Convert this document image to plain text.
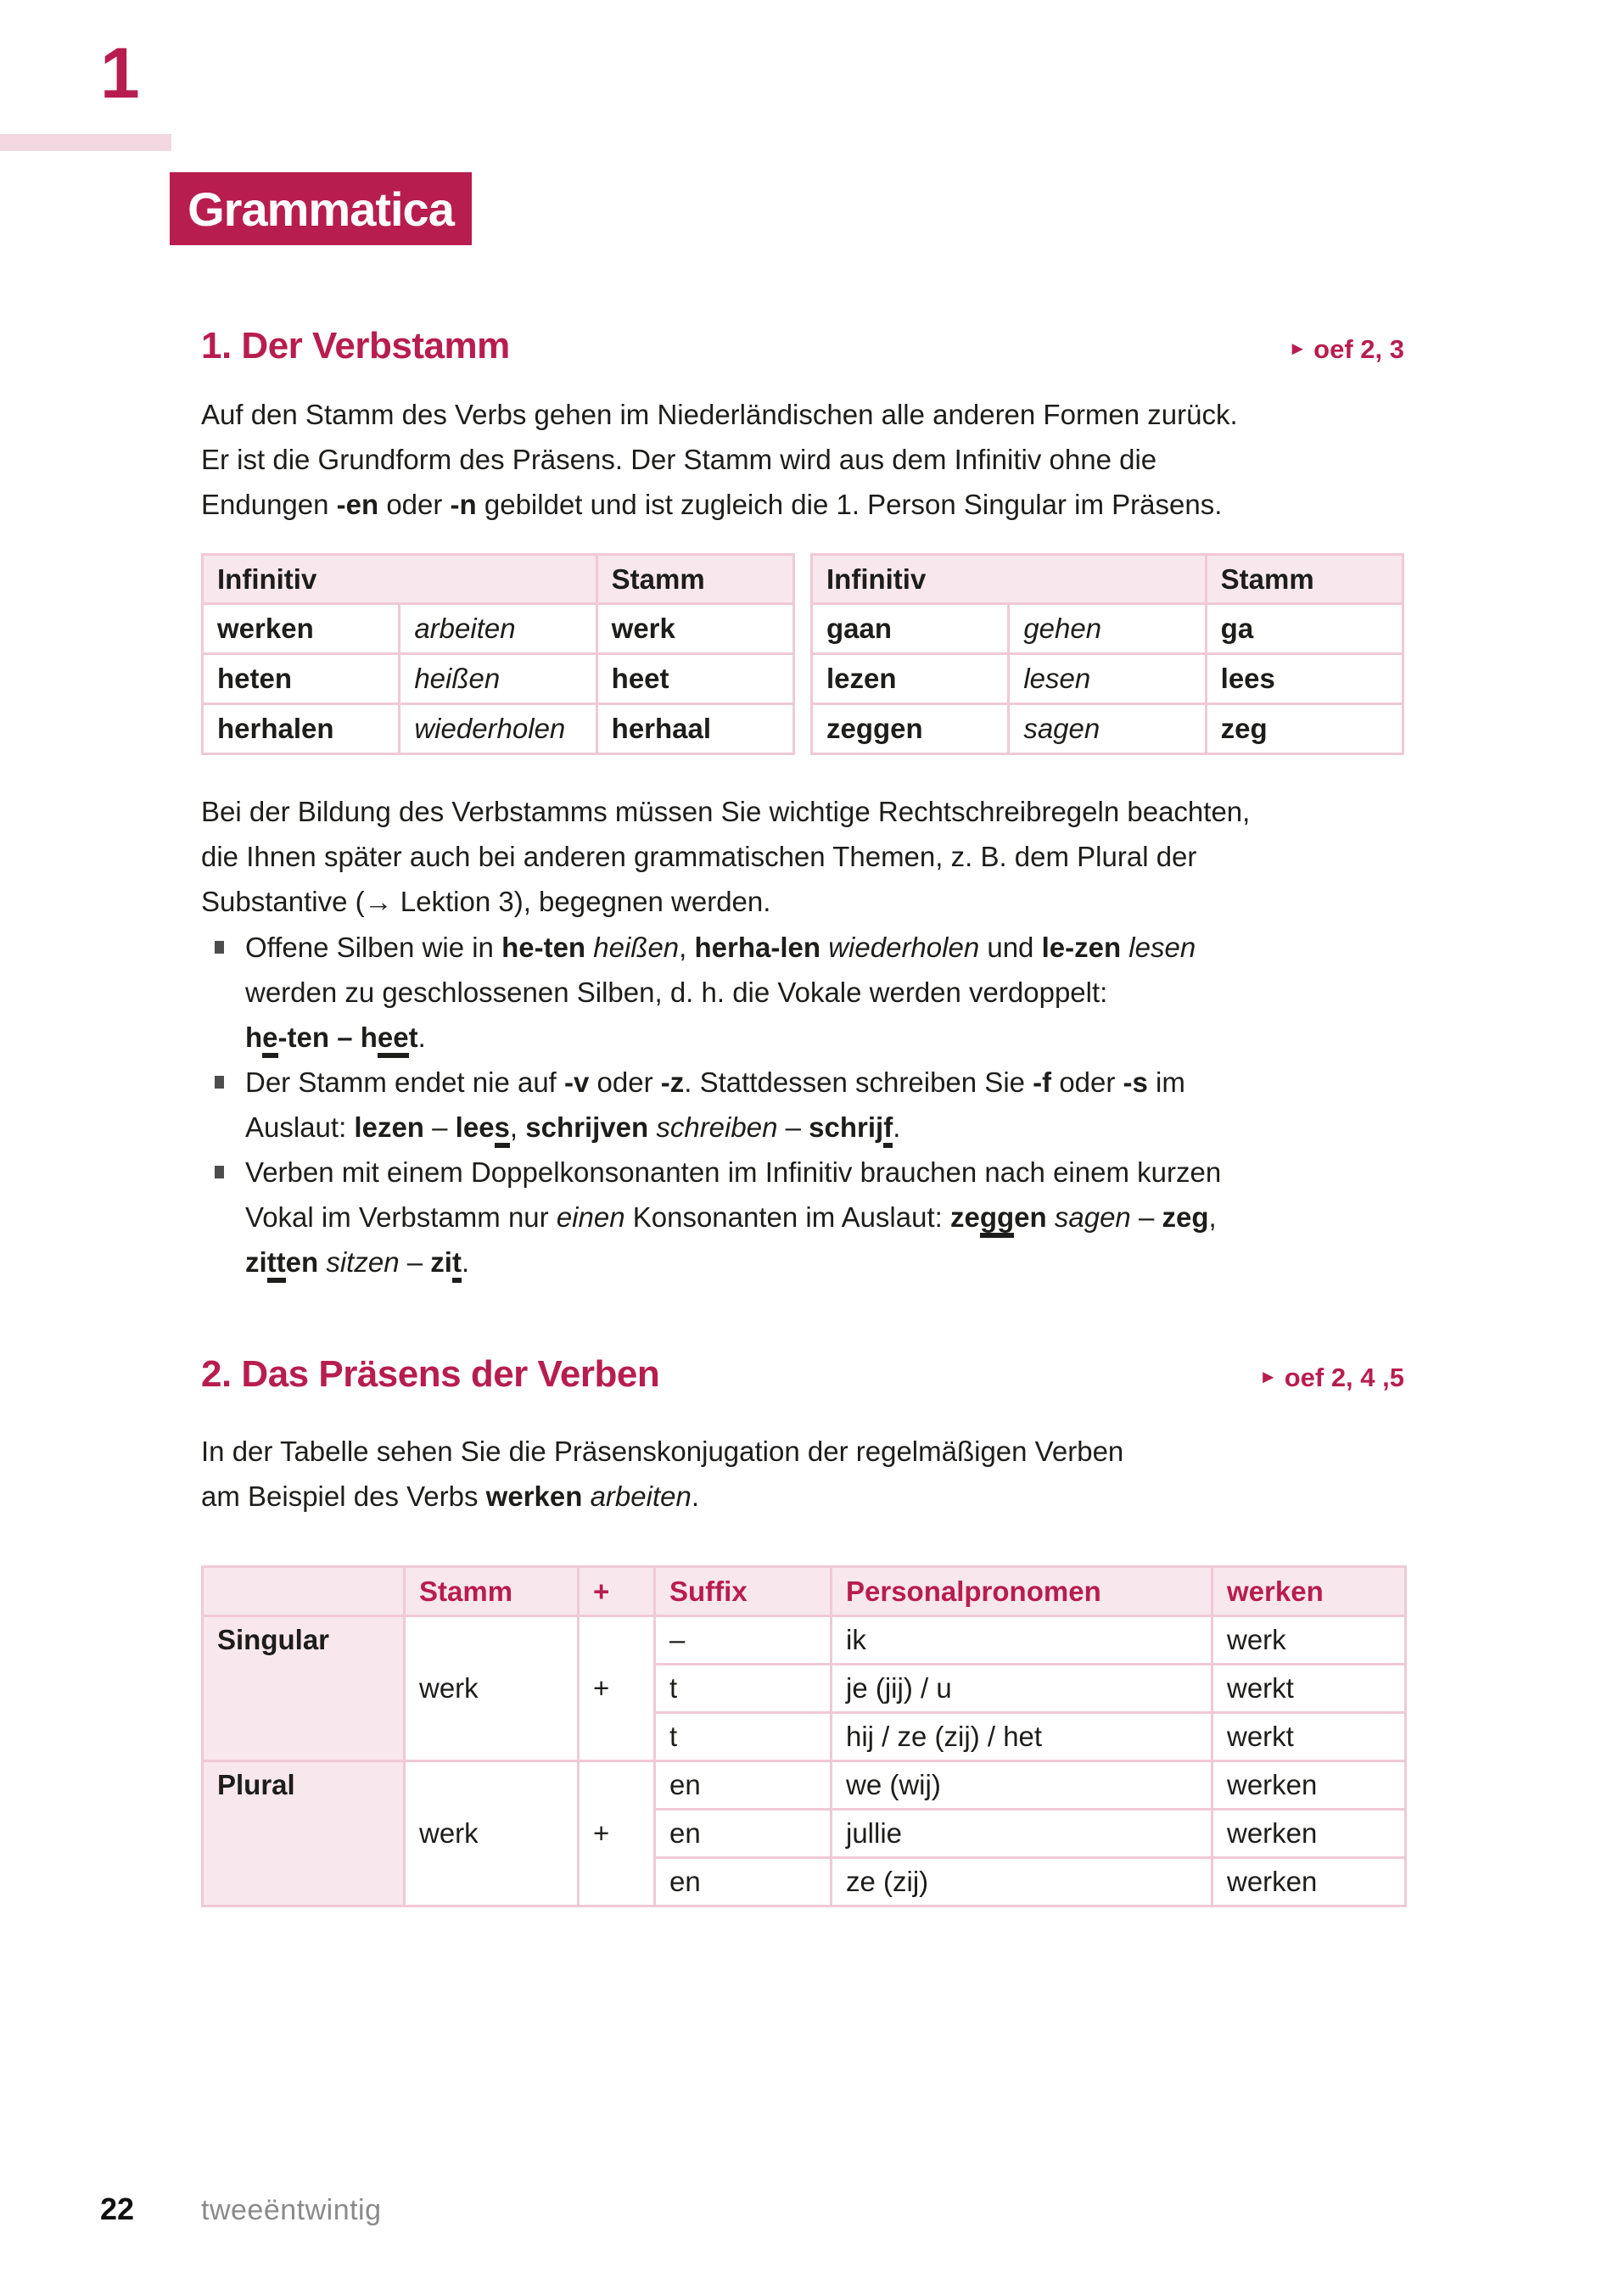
1
Grammatica
1. Der Verbstamm	► oef 2, 3

Auf den Stamm des Verbs gehen im Niederländischen alle anderen Formen zurück.
Er ist die Grundform des Präsens. Der Stamm wird aus dem Infinitiv ohne die
Endungen -en oder -n gebildet und ist zugleich die 1. Person Singular im Präsens.

Infinitiv		Stamm
werken	arbeiten	werk
heten	heißen	heet
herhalen	wiederholen	herhaal
Infinitiv		Stamm
gaan	gehen	ga
lezen	lesen	lees
zeggen	sagen	zeg

Bei der Bildung des Verbstamms müssen Sie wichtige Rechtschreibregeln beachten,
die Ihnen später auch bei anderen grammatischen Themen, z. B. dem Plural der
Substantive (→ Lektion 3), begegnen werden.

Offene Silben wie in he-ten heißen, herha-len wiederholen und le-zen lesen
werden zu geschlossenen Silben, d. h. die Vokale werden verdoppelt:
he-ten – heet.
Der Stamm endet nie auf -v oder -z. Stattdessen schreiben Sie -f oder -s im
Auslaut: lezen – lees, schrijven schreiben – schrijf.
Verben mit einem Doppelkonsonanten im Infinitiv brauchen nach einem kurzen
Vokal im Verbstamm nur einen Konsonanten im Auslaut: zeggen sagen – zeg,
zitten sitzen – zit.
2. Das Präsens der Verben	► oef 2, 4 ,5

In der Tabelle sehen Sie die Präsenskonjugation der regelmäßigen Verben
am Beispiel des Verbs werken arbeiten.

	Stamm	+	Suffix	Personalpronomen	werken
Singular	werk	+	–	ik	werk
			t	je (jij) / u	werkt
			t	hij / ze (zij) / het	werkt
Plural	werk	+	en	we (wij)	werken
			en	jullie	werken
			en	ze (zij)	werken
22 tweeëntwintig
